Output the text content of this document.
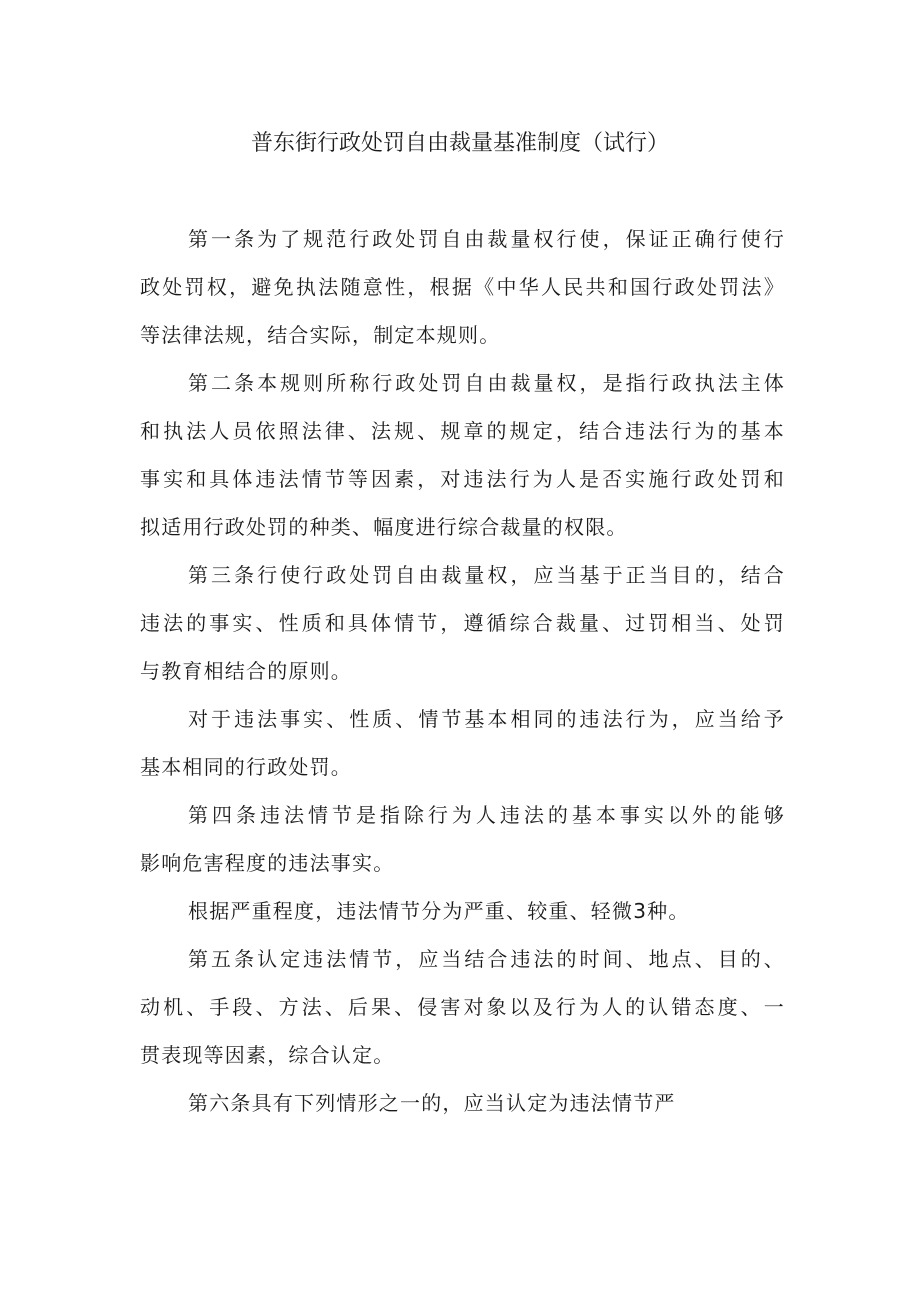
普东街行政处罚自由裁量基准制度（试行）

第一条为了规范行政处罚自由裁量权行使，保证正确行使行
政处罚权，避免执法随意性，根据《中华人民共和国行政处罚法》
等法律法规，结合实际，制定本规则。

第二条本规则所称行政处罚自由裁量权，是指行政执法主体
和执法人员依照法律、法规、规章的规定，结合违法行为的基本
事实和具体违法情节等因素，对违法行为人是否实施行政处罚和
拟适用行政处罚的种类、幅度进行综合裁量的权限。

第三条行使行政处罚自由裁量权，应当基于正当目的，结合
违法的事实、性质和具体情节，遵循综合裁量、过罚相当、处罚
与教育相结合的原则。

对于违法事实、性质、情节基本相同的违法行为，应当给予
基本相同的行政处罚。

第四条违法情节是指除行为人违法的基本事实以外的能够
影响危害程度的违法事实。

根据严重程度，违法情节分为严重、较重、轻微3种。

第五条认定违法情节，应当结合违法的时间、地点、目的、
动机、手段、方法、后果、侵害对象以及行为人的认错态度、一
贯表现等因素，综合认定。

第六条具有下列情形之一的，应当认定为违法情节严
